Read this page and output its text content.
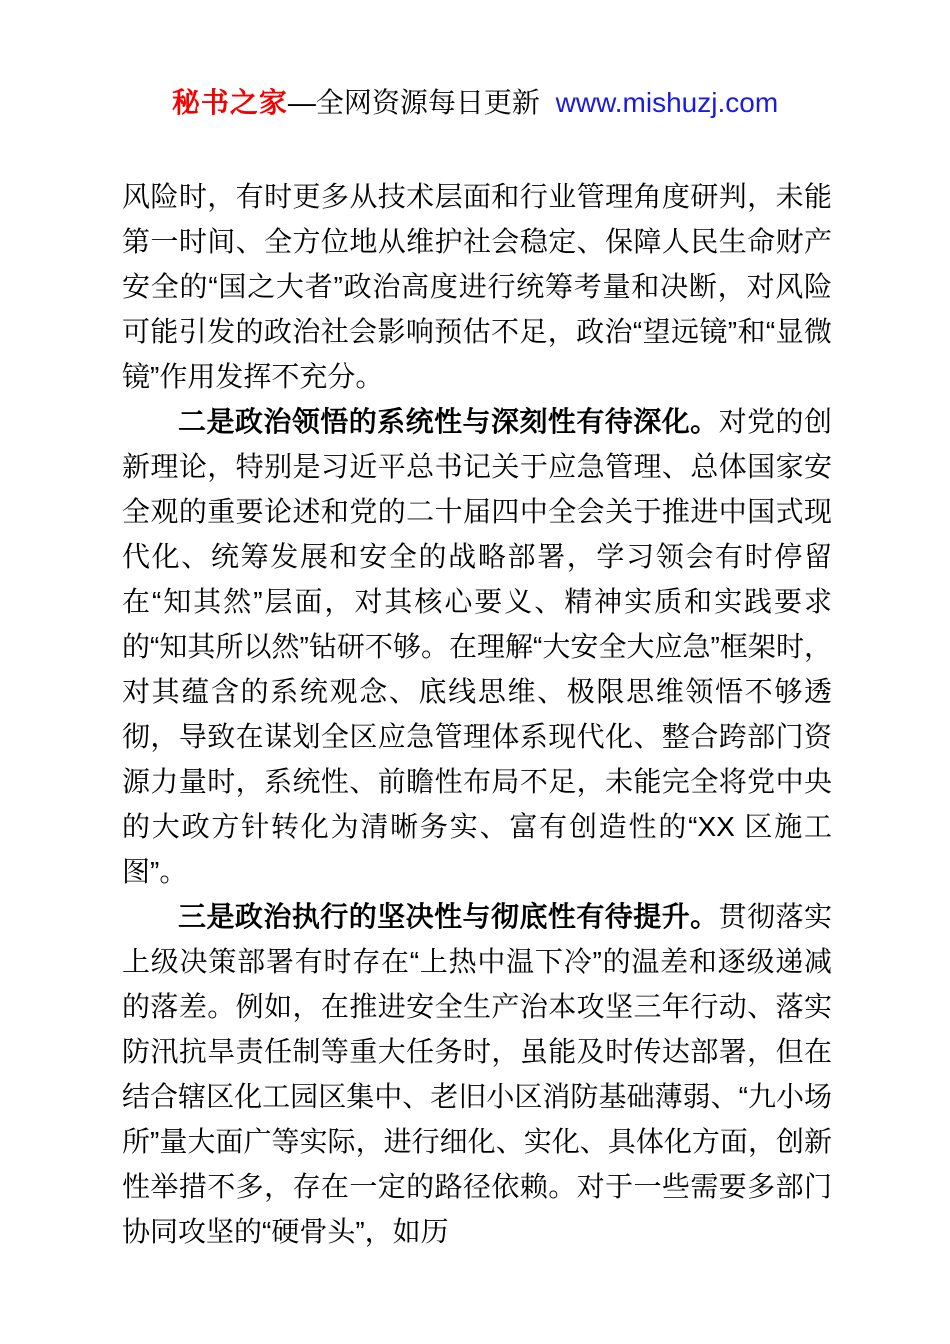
秘书之家—全网资源每日更新 www.mishuzj.com

风险时，有时更多从技术层面和行业管理角度研判，未能第一时间、全方位地从维护社会稳定、保障人民生命财产安全的“国之大者”政治高度进行统筹考量和决断，对风险可能引发的政治社会影响预估不足，政治“望远镜”和“显微镜”作用发挥不充分。

二是政治领悟的系统性与深刻性有待深化。对党的创新理论，特别是习近平总书记关于应急管理、总体国家安全观的重要论述和党的二十届四中全会关于推进中国式现代化、统筹发展和安全的战略部署，学习领会有时停留在“知其然”层面，对其核心要义、精神实质和实践要求的“知其所以然”钻研不够。在理解“大安全大应急”框架时，对其蕴含的系统观念、底线思维、极限思维领悟不够透彻，导致在谋划全区应急管理体系现代化、整合跨部门资源力量时，系统性、前瞻性布局不足，未能完全将党中央的大政方针转化为清晰务实、富有创造性的“XX 区施工图”。

三是政治执行的坚决性与彻底性有待提升。贯彻落实上级决策部署有时存在“上热中温下冷”的温差和逐级递减的落差。例如，在推进安全生产治本攻坚三年行动、落实防汛抗旱责任制等重大任务时，虽能及时传达部署，但在结合辖区化工园区集中、老旧小区消防基础薄弱、“九小场所”量大面广等实际，进行细化、实化、具体化方面，创新性举措不多，存在一定的路径依赖。对于一些需要多部门协同攻坚的“硬骨头”，如历
